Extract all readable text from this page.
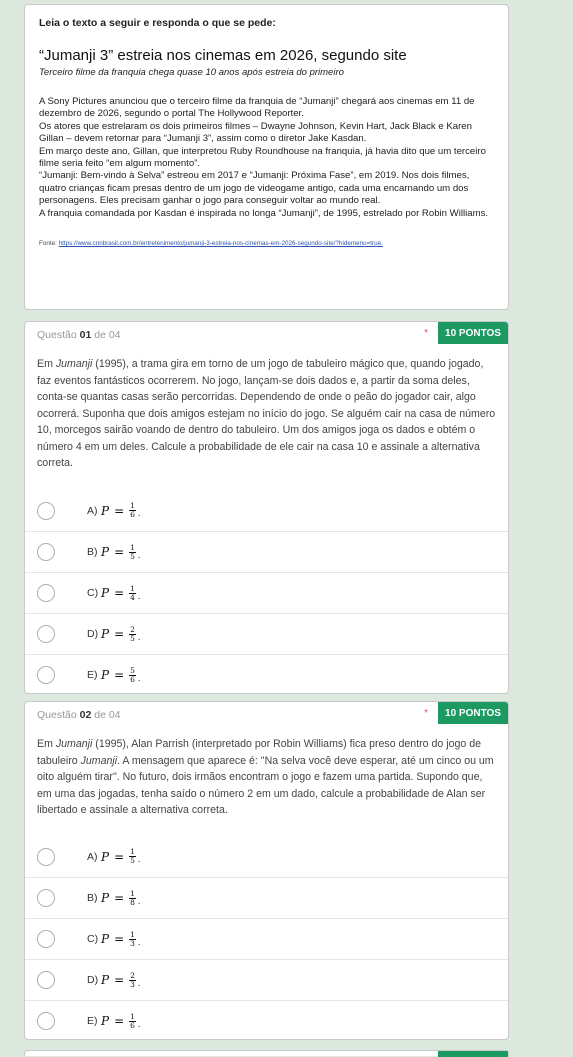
Leia o texto a seguir e responda o que se pede:
“Jumanji 3” estreia nos cinemas em 2026, segundo site
Terceiro filme da franquia chega quase 10 anos após estreia do primeiro

A Sony Pictures anunciou que o terceiro filme da franquia de “Jumanji” chegará aos cinemas em 11 de dezembro de 2026, segundo o portal The Hollywood Reporter.

Os atores que estrelaram os dois primeiros filmes – Dwayne Johnson, Kevin Hart, Jack Black e Karen Gillan – devem retornar para “Jumanji 3”, assim como o diretor Jake Kasdan.

Em março deste ano, Gillan, que interpretou Ruby Roundhouse na franquia, já havia dito que um terceiro filme seria feito “em algum momento”.

“Jumanji: Bem-vindo à Selva” estreou em 2017 e “Jumanji: Próxima Fase”, em 2019. Nos dois filmes, quatro crianças ficam presas dentro de um jogo de videogame antigo, cada uma encarnando um dos personagens. Eles precisam ganhar o jogo para conseguir voltar ao mundo real.

A franquia comandada por Kasdan é inspirada no longa “Jumanji”, de 1995, estrelado por Robin Williams.

Fonte: https://www.cnnbrasil.com.br/entretenimento/jumanji-3-estreia-nos-cinemas-em-2026-segundo-site/?hidemenu=true.
Questão 01 de 04	*	10 PONTOS

Em Jumanji (1995), a trama gira em torno de um jogo de tabuleiro mágico que, quando jogado, faz eventos fantásticos ocorrerem. No jogo, lançam-se dois dados e, a partir da soma deles, conta-se quantas casas serão percorridas. Dependendo de onde o peão do jogador cair, algo ocorrerá. Suponha que dois amigos estejam no início do jogo. Se alguém cair na casa de número 10, morcegos sairão voando de dentro do tabuleiro. Um dos amigos joga os dados e obtém o número 4 em um deles. Calcule a probabilidade de ele cair na casa 10 e assinale a alternativa correta.

A) $P = \frac{1}{6}$ .
B) $P = \frac{1}{5}$ .
C) $P = \frac{1}{4}$ .
D) $P = \frac{2}{5}$ .
E) $P = \frac{5}{6}$ .
Questão 02 de 04	*	10 PONTOS

Em Jumanji (1995), Alan Parrish (interpretado por Robin Williams) fica preso dentro do jogo de tabuleiro Jumanji. A mensagem que aparece é: "Na selva você deve esperar, até um cinco ou um oito alguém tirar". No futuro, dois irmãos encontram o jogo e fazem uma partida. Supondo que, em uma das jogadas, tenha saído o número 2 em um dado, calcule a probabilidade de Alan ser libertado e assinale a alternativa correta.

A) $P = \frac{1}{5}$ .
B) $P = \frac{1}{8}$ .
C) $P = \frac{1}{3}$ .
D) $P = \frac{2}{3}$ .
E) $P = \frac{1}{6}$ .
